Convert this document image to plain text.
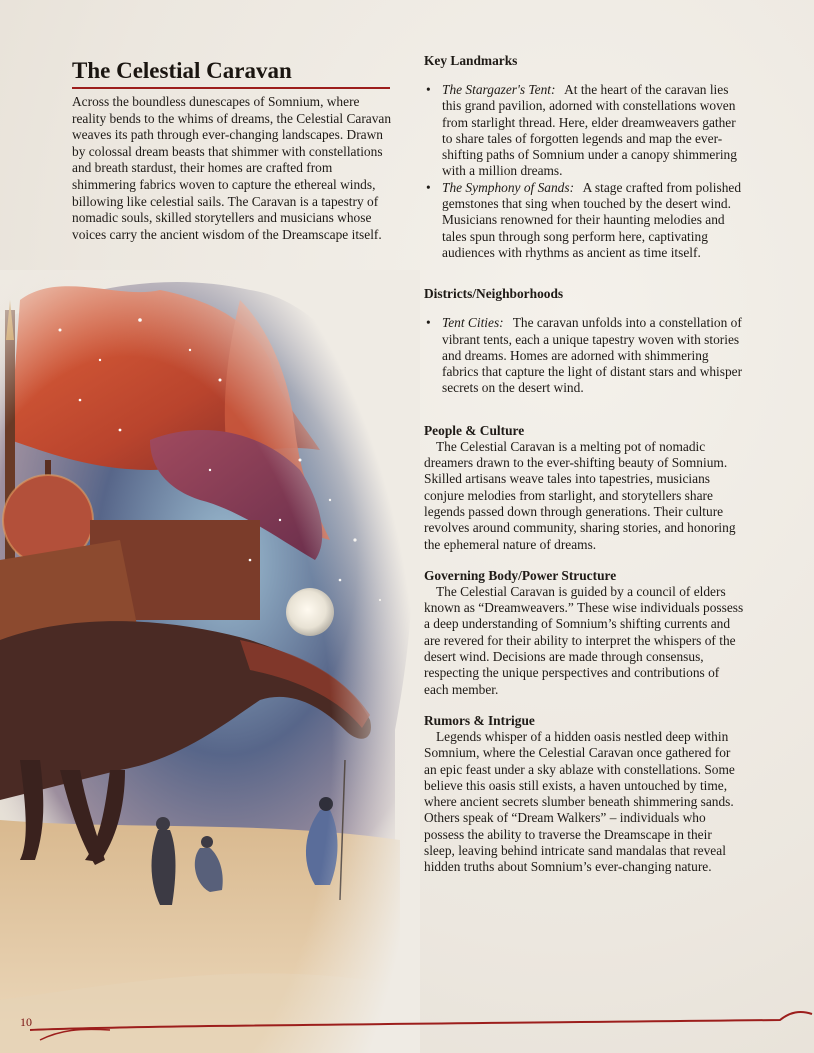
The Celestial Caravan

Across the boundless dunescapes of Somnium, where reality bends to the whims of dreams, the Celestial Caravan weaves its path through ever-changing landscapes. Drawn by colossal dream beasts that shimmer with constellations and breath stardust, their homes are crafted from shimmering fabrics woven to capture the ethereal winds, billowing like celestial sails. The Caravan is a tapestry of nomadic souls, skilled storytellers and musicians whose voices carry the ancient wisdom of the Dreamscape itself.

Key Landmarks
• The Stargazer's Tent: At the heart of the caravan lies this grand pavilion, adorned with constellations woven from starlight thread. Here, elder dreamweavers gather to share tales of forgotten legends and map the ever-shifting paths of Somnium under a canopy shimmering with a million dreams.
• The Symphony of Sands: A stage crafted from polished gemstones that sing when touched by the desert wind. Musicians renowned for their haunting melodies and tales spun through song perform here, captivating audiences with rhythms as ancient as time itself.
Districts/Neighborhoods
• Tent Cities: The caravan unfolds into a constellation of vibrant tents, each a unique tapestry woven with stories and dreams. Homes are adorned with shimmering fabrics that capture the light of distant stars and whisper secrets on the desert wind.
People & Culture

The Celestial Caravan is a melting pot of nomadic dreamers drawn to the ever-shifting beauty of Somnium. Skilled artisans weave tales into tapestries, musicians conjure melodies from starlight, and storytellers share legends passed down through generations. Their culture revolves around community, sharing stories, and honoring the ephemeral nature of dreams.

Governing Body/Power Structure

The Celestial Caravan is guided by a council of elders known as “Dreamweavers.” These wise individuals possess a deep understanding of Somnium’s shifting currents and are revered for their ability to interpret the whispers of the desert wind. Decisions are made through consensus, respecting the unique perspectives and contributions of each member.

Rumors & Intrigue

Legends whisper of a hidden oasis nestled deep within Somnium, where the Celestial Caravan once gathered for an epic feast under a sky ablaze with constellations. Some believe this oasis still exists, a haven untouched by time, where ancient secrets slumber beneath shimmering sands. Others speak of “Dream Walkers” – individuals who possess the ability to traverse the Dreamscape in their sleep, leaving behind intricate sand mandalas that reveal hidden truths about Somnium’s ever-changing nature.

10
